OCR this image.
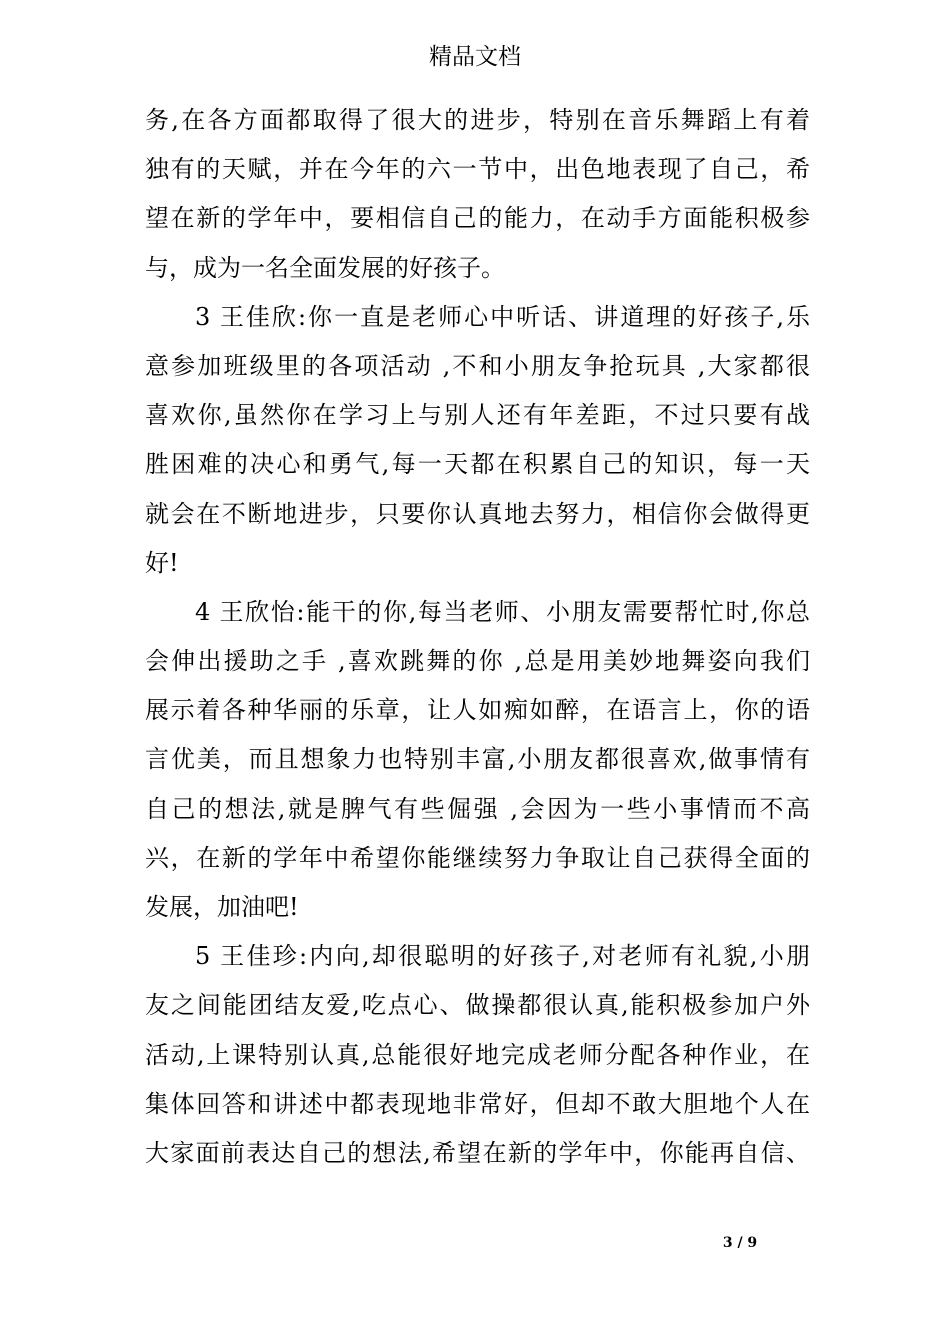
精品文档
务,在各方面都取得了很大的进步，特别在音乐舞蹈上有着
独有的天赋，并在今年的六一节中，出色地表现了自己，希
望在新的学年中，要相信自己的能力，在动手方面能积极参
与，成为一名全面发展的好孩子。
3 王佳欣:你一直是老师心中听话、讲道理的好孩子,乐
意参加班级里的各项活动 ,不和小朋友争抢玩具 ,大家都很
喜欢你,虽然你在学习上与别人还有年差距，不过只要有战
胜困难的决心和勇气,每一天都在积累自己的知识，每一天
就会在不断地进步，只要你认真地去努力，相信你会做得更
好!
4 王欣怡:能干的你,每当老师、小朋友需要帮忙时,你总
会伸出援助之手 ,喜欢跳舞的你 ,总是用美妙地舞姿向我们
展示着各种华丽的乐章，让人如痴如醉，在语言上，你的语
言优美，而且想象力也特别丰富,小朋友都很喜欢,做事情有
自己的想法,就是脾气有些倔强 ,会因为一些小事情而不高
兴，在新的学年中希望你能继续努力争取让自己获得全面的
发展，加油吧!
5 王佳珍:内向,却很聪明的好孩子,对老师有礼貌,小朋
友之间能团结友爱,吃点心、做操都很认真,能积极参加户外
活动,上课特别认真,总能很好地完成老师分配各种作业，在
集体回答和讲述中都表现地非常好，但却不敢大胆地个人在
大家面前表达自己的想法,希望在新的学年中，你能再自信、
3 / 9
